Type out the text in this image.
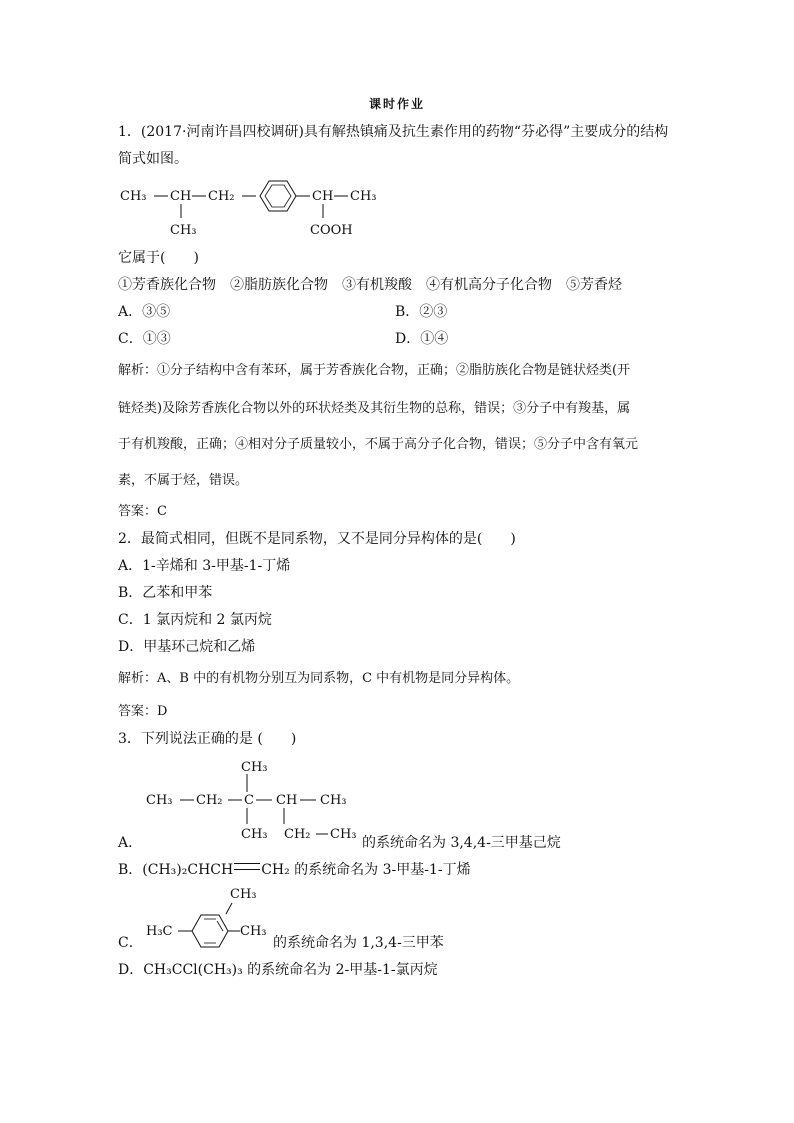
课时作业
1．(2017·河南许昌四校调研)具有解热镇痛及抗生素作用的药物“芬必得”主要成分的结构
简式如图。
CH₃ CH CH₂
CH₃
CH CH₃
COOH
它属于(　　)
①芳香族化合物　②脂肪族化合物　③有机羧酸　④有机高分子化合物　⑤芳香烃
A．③⑤	B．②③
C．①③	D．①④
解析：①分子结构中含有苯环，属于芳香族化合物，正确；②脂肪族化合物是链状烃类(开
链烃类)及除芳香族化合物以外的环状烃类及其衍生物的总称，错误；③分子中有羧基，属
于有机羧酸，正确；④相对分子质量较小，不属于高分子化合物，错误；⑤分子中含有氧元
素，不属于烃，错误。
答案：C
2．最简式相同，但既不是同系物，又不是同分异构体的是(　　)
A．1-辛烯和 3-甲基-1-丁烯
B．乙苯和甲苯
C．1 氯丙烷和 2 氯丙烷
D．甲基环己烷和乙烯
解析：A、B 中的有机物分别互为同系物，C 中有机物是同分异构体。
答案：D
3．下列说法正确的是 (　　)
CH₃
CH₃ CH₂ C CH CH₃
CH₃ CH₂ CH₃
A．	的系统命名为 3,4,4-三甲基己烷
B．(CH₃)₂CHCH CH₂ 的系统命名为 3-甲基-1-丁烯
CH₃
H₃C	CH₃
C．	的系统命名为 1,3,4-三甲苯
D．CH₃CCl(CH₃)₃ 的系统命名为 2-甲基-1-氯丙烷
